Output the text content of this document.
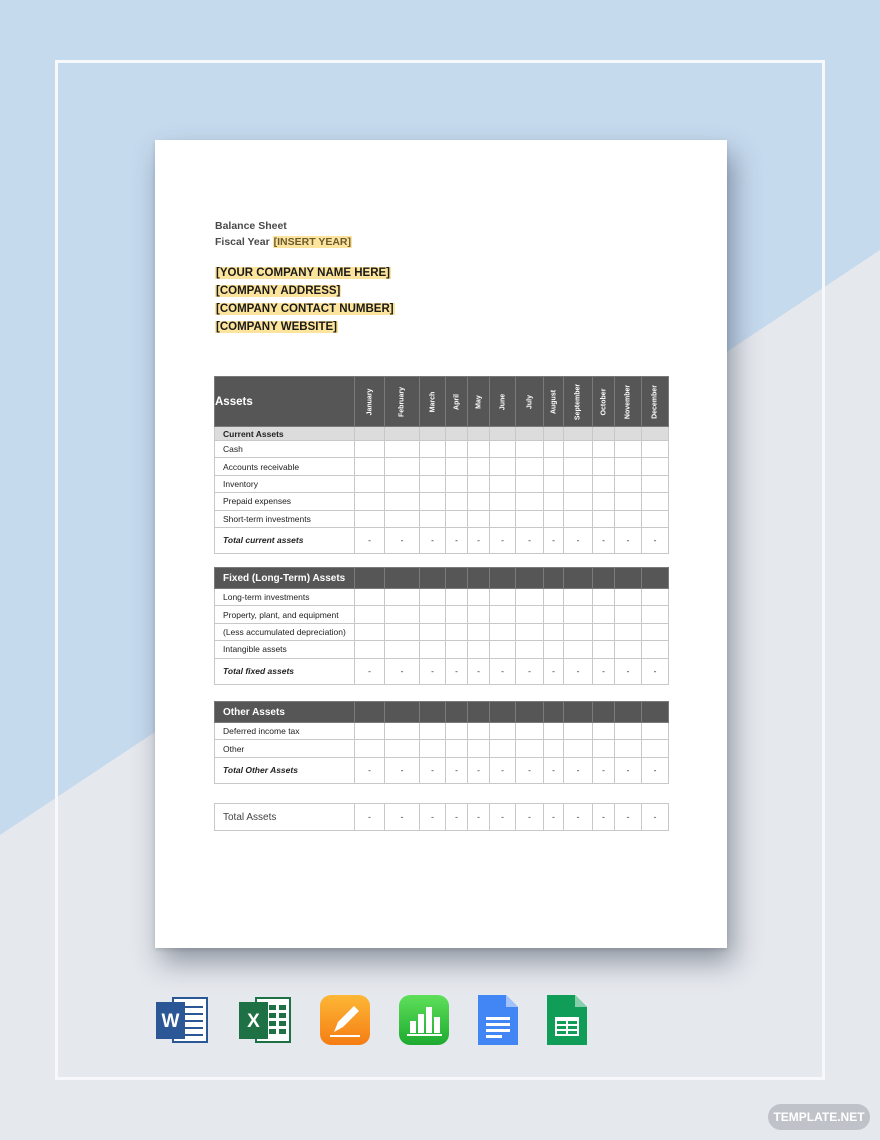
Balance Sheet
Fiscal Year [INSERT YEAR]
[YOUR COMPANY NAME HERE]
[COMPANY ADDRESS]
[COMPANY CONTACT NUMBER]
[COMPANY WEBSITE]
Assets	January	February	March	April	May	June	July	August	September	October	November	December

Current Assets												
Cash												
Accounts receivable												
Inventory												
Prepaid expenses												
Short-term investments												
Total current assets	-	-	-	-	-	-	-	-	-	-	-	-
Fixed (Long-Term) Assets												
Long-term investments												
Property, plant, and equipment												
(Less accumulated depreciation)												
Intangible assets												
Total fixed assets	-	-	-	-	-	-	-	-	-	-	-	-
Other Assets												
Deferred income tax												
Other												
Total Other Assets	-	-	-	-	-	-	-	-	-	-	-	-
Total Assets	-	-	-	-	-	-	-	-	-	-	-	-
W	X
TEMPLATE.NET
